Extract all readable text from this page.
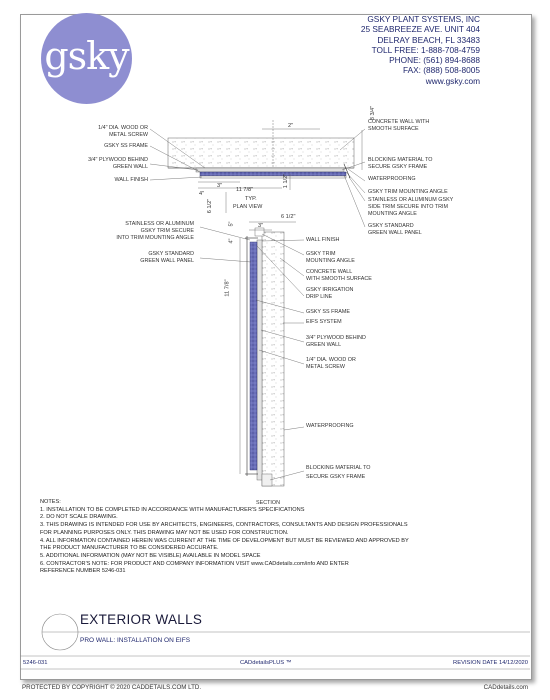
gsky
GSKY PLANT SYSTEMS, INC
25 SEABREEZE AVE. UNIT 404
DELRAY BEACH, FL 33483
TOLL FREE: 1-888-708-4759
PHONE: (561) 894-8688
FAX: (888) 508-8005
www.gsky.com
PLAN VIEW
1/4" DIA. WOOD OR
METAL SCREW
GSKY SS FRAME
3/4" PLYWOOD BEHIND
GREEN WALL
WALL FINISH
CONCRETE WALL WITH
SMOOTH SURFACE
BLOCKING MATERIAL TO
SECURE GSKY FRAME
WATERPROOFING
GSKY TRIM MOUNTING ANGLE
STAINLESS OR ALUMINUM GSKY
SIDE TRIM SECURE INTO TRIM
MOUNTING ANGLE
GSKY STANDARD
GREEN WALL PANEL
2"
8 3/4"
3"
4"
11 7/8"
TYP.
6 1/2"
1 1/2"
STAINLESS OR ALUMINUM
GSKY TRIM SECURE
INTO TRIM MOUNTING ANGLE
GSKY STANDARD
GREEN WALL PANEL
WALL FINISH
GSKY TRIM
MOUNTING ANGLE
CONCRETE WALL
WITH SMOOTH SURFACE
GSKY IRRIGATION
DRIP LINE
GSKY SS FRAME
EIFS SYSTEM
3/4" PLYWOOD BEHIND
GREEN WALL
1/4" DIA. WOOD OR
METAL SCREW
WATERPROOFING
BLOCKING MATERIAL TO
SECURE GSKY FRAME
SECTION
6 1/2"
5"	3"
4"
11 7/8"
NOTES:
1. INSTALLATION TO BE COMPLETED IN ACCORDANCE WITH MANUFACTURER'S SPECIFICATIONS
2. DO NOT SCALE DRAWING.
3. THIS DRAWING IS INTENDED FOR USE BY ARCHITECTS, ENGINEERS, CONTRACTORS, CONSULTANTS AND DESIGN PROFESSIONALS
FOR PLANNING PURPOSES ONLY. THIS DRAWING MAY NOT BE USED FOR CONSTRUCTION.
4. ALL INFORMATION CONTAINED HEREIN WAS CURRENT AT THE TIME OF DEVELOPMENT BUT MUST BE REVIEWED AND APPROVED BY
THE PRODUCT MANUFACTURER TO BE CONSIDERED ACCURATE.
5. ADDITIONAL INFORMATION (MAY NOT BE VISIBLE) AVAILABLE IN MODEL SPACE
6. CONTRACTOR'S NOTE: FOR PRODUCT AND COMPANY INFORMATION VISIT www.CADdetails.com/info AND ENTER
REFERENCE NUMBER 5246-031
EXTERIOR WALLS
PRO WALL: INSTALLATION ON EIFS
5246-031	CADdetailsPLUS ™	REVISION DATE 14/12/2020
PROTECTED BY COPYRIGHT © 2020 CADDETAILS.COM LTD.	CADdetails.com
